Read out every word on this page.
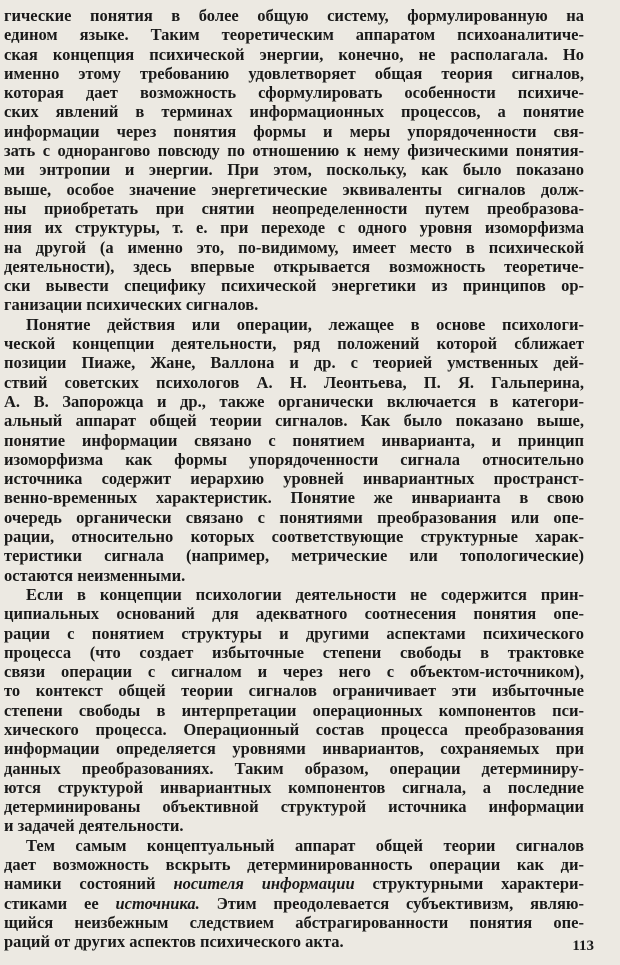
гические понятия в более общую систему, формулированную на
едином языке. Таким теоретическим аппаратом психоаналитиче-
ская концепция психической энергии, конечно, не располагала. Но
именно этому требованию удовлетворяет общая теория сигналов,
которая дает возможность сформулировать особенности психиче-
ских явлений в терминах информационных процессов, а понятие
информации через понятия формы и меры упорядоченности свя-
зать с однорангово повсюду по отношению к нему физическими понятия-
ми энтропии и энергии. При этом, поскольку, как было показано
выше, особое значение энергетические эквиваленты сигналов долж-
ны приобретать при снятии неопределенности путем преобразова-
ния их структуры, т. е. при переходе с одного уровня изоморфизма
на другой (а именно это, по-видимому, имеет место в психической
деятельности), здесь впервые открывается возможность теоретиче-
ски вывести специфику психической энергетики из принципов ор-
ганизации психических сигналов.
Понятие действия или операции, лежащее в основе психологи-
ческой концепции деятельности, ряд положений которой сближает
позиции Пиаже, Жане, Валлона и др. с теорией умственных дей-
ствий советских психологов А. Н. Леонтьева, П. Я. Гальперина,
А. В. Запорожца и др., также органически включается в категори-
альный аппарат общей теории сигналов. Как было показано выше,
понятие информации связано с понятием инварианта, и принцип
изоморфизма как формы упорядоченности сигнала относительно
источника содержит иерархию уровней инвариантных пространст-
венно-временных характеристик. Понятие же инварианта в свою
очередь органически связано с понятиями преобразования или опе-
рации, относительно которых соответствующие структурные харак-
теристики сигнала (например, метрические или топологические)
остаются неизменными.
Если в концепции психологии деятельности не содержится прин-
ципиальных оснований для адекватного соотнесения понятия опе-
рации с понятием структуры и другими аспектами психического
процесса (что создает избыточные степени свободы в трактовке
связи операции с сигналом и через него с объектом-источником),
то контекст общей теории сигналов ограничивает эти избыточные
степени свободы в интерпретации операционных компонентов пси-
хического процесса. Операционный состав процесса преобразования
информации определяется уровнями инвариантов, сохраняемых при
данных преобразованиях. Таким образом, операции детерминиру-
ются структурой инвариантных компонентов сигнала, а последние
детерминированы объективной структурой источника информации
и задачей деятельности.
Тем самым концептуальный аппарат общей теории сигналов
дает возможность вскрыть детерминированность операции как ди-
намики состояний носителя информации структурными характери-
стиками ее источника. Этим преодолевается субъективизм, являю-
щийся неизбежным следствием абстрагированности понятия опе-
раций от других аспектов психического акта.	113
